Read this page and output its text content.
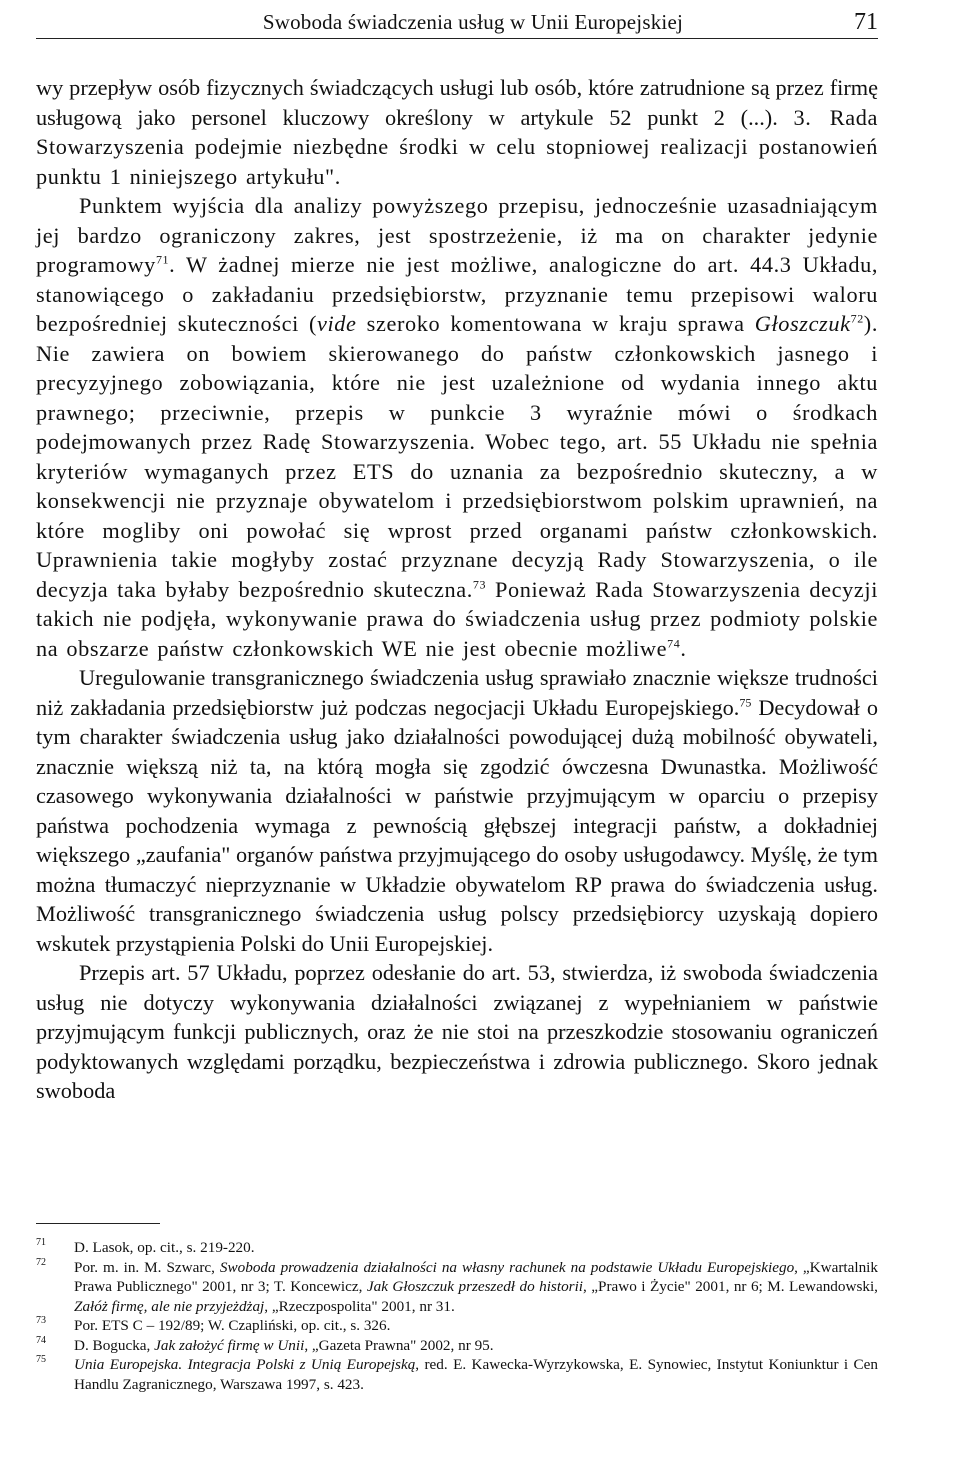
Swoboda świadczenia usług w Unii Europejskiej	71

wy przepływ osób fizycznych świadczących usługi lub osób, które zatrudnione są przez firmę usługową jako personel kluczowy określony w artykule 52 punkt 2 (...). 3. Rada Stowarzyszenia podejmie niezbędne środki w celu stopniowej realizacji postanowień punktu 1 niniejszego artykułu".

Punktem wyjścia dla analizy powyższego przepisu, jednocześnie uzasadniającym jej bardzo ograniczony zakres, jest spostrzeżenie, iż ma on charakter jedynie programowy$^{71}$. W żadnej mierze nie jest możliwe, analogiczne do art. 44.3 Układu, stanowiącego o zakładaniu przedsiębiorstw, przyznanie temu przepisowi waloru bezpośredniej skuteczności (vide szeroko komentowana w kraju sprawa Głoszczuk$^{72}$). Nie zawiera on bowiem skierowanego do państw członkowskich jasnego i precyzyjnego zobowiązania, które nie jest uzależnione od wydania innego aktu prawnego; przeciwnie, przepis w punkcie 3 wyraźnie mówi o środkach podejmowanych przez Radę Stowarzyszenia. Wobec tego, art. 55 Układu nie spełnia kryteriów wymaganych przez ETS do uznania za bezpośrednio skuteczny, a w konsekwencji nie przyznaje obywatelom i przedsiębiorstwom polskim uprawnień, na które mogliby oni powołać się wprost przed organami państw członkowskich. Uprawnienia takie mogłyby zostać przyznane decyzją Rady Stowarzyszenia, o ile decyzja taka byłaby bezpośrednio skuteczna.$^{73}$ Ponieważ Rada Stowarzyszenia decyzji takich nie podjęła, wykonywanie prawa do świadczenia usług przez podmioty polskie na obszarze państw członkowskich WE nie jest obecnie możliwe$^{74}$.

Uregulowanie transgranicznego świadczenia usług sprawiało znacznie większe trudności niż zakładania przedsiębiorstw już podczas negocjacji Układu Europejskiego.$^{75}$ Decydował o tym charakter świadczenia usług jako działalności powodującej dużą mobilność obywateli, znacznie większą niż ta, na którą mogła się zgodzić ówczesna Dwunastka. Możliwość czasowego wykonywania działalności w państwie przyjmującym w oparciu o przepisy państwa pochodzenia wymaga z pewnością głębszej integracji państw, a dokładniej większego „zaufania" organów państwa przyjmującego do osoby usługodawcy. Myślę, że tym można tłumaczyć nieprzyznanie w Układzie obywatelom RP prawa do świadczenia usług. Możliwość transgranicznego świadczenia usług polscy przedsiębiorcy uzyskają dopiero wskutek przystąpienia Polski do Unii Europejskiej.

Przepis art. 57 Układu, poprzez odesłanie do art. 53, stwierdza, iż swoboda świadczenia usług nie dotyczy wykonywania działalności związanej z wypełnianiem w państwie przyjmującym funkcji publicznych, oraz że nie stoi na przeszkodzie stosowaniu ograniczeń podyktowanych względami porządku, bezpieczeństwa i zdrowia publicznego. Skoro jednak swoboda

$^{71}$ D. Lasok, op. cit., s. 219-220.

$^{72}$ Por. m. in. M. Szwarc, Swoboda prowadzenia działalności na własny rachunek na podstawie Układu Europejskiego, „Kwartalnik Prawa Publicznego" 2001, nr 3; T. Koncewicz, Jak Głoszczuk przeszedł do historii, „Prawo i Życie" 2001, nr 6; M. Lewandowski, Załóż firmę, ale nie przyjeżdżaj, „Rzeczpospolita" 2001, nr 31.

$^{73}$ Por. ETS C – 192/89; W. Czapliński, op. cit., s. 326.

$^{74}$ D. Bogucka, Jak założyć firmę w Unii, „Gazeta Prawna" 2002, nr 95.

$^{75}$ Unia Europejska. Integracja Polski z Unią Europejską, red. E. Kawecka-Wyrzykowska, E. Synowiec, Instytut Koniunktur i Cen Handlu Zagranicznego, Warszawa 1997, s. 423.
